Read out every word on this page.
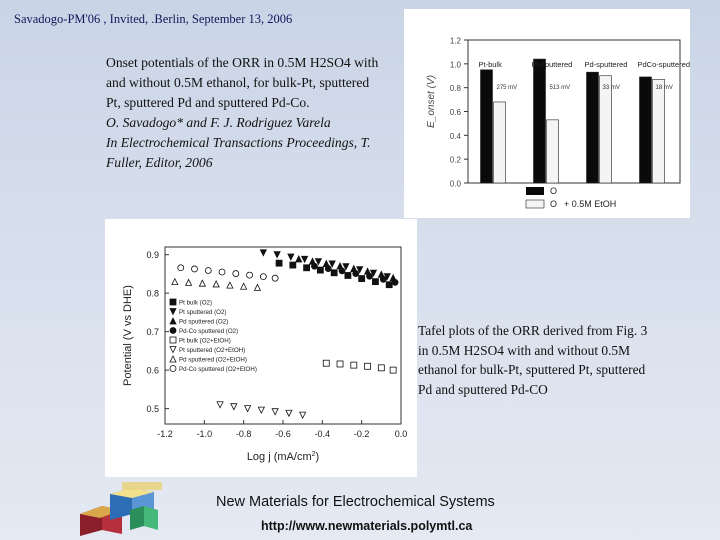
Savadogo-PM'06 , Invited, .Berlin, September 13, 2006
Onset potentials of the ORR in 0.5M H2SO4 with
and without 0.5M ethanol, for bulk-Pt, sputtered
Pt, sputtered Pd and sputtered Pd-Co.
O. Savadogo* and F. J. Rodriguez Varela
In Electrochemical Transactions Proceedings, T.
Fuller, Editor, 2006
0.0
0.2
0.4
0.6
0.8
1.0
1.2
E_onset (V)
Pt-bulk
275 mV
Pt-sputtered
513 mV
Pd-sputtered
33 mV
PdCo-sputtered
18 mV
O
O + 0.5M EtOH
-1.2	-1.0	-0.8	-0.6	-0.4	-0.2	0.0
0.9
0.8
0.7
0.6
0.5
Log j $(mA/cm^2)$
Potential (V vs DHE)	Pt bulk (O2)
Pt sputtered (O2)
Pd sputtered (O2)
Pd-Co sputtered (O2)
Pt bulk (O2+EtOH)
Pt sputtered (O2+EtOH)
Pd sputtered (O2+EtOH)
Pd-Co sputtered (O2+EtOH)
Tafel plots of the ORR derived from Fig. 3
in 0.5M H2SO4 with and without 0.5M
ethanol for bulk-Pt, sputtered Pt, sputtered
Pd and sputtered Pd-CO
New Materials for Electrochemical Systems
http://www.newmaterials.polymtl.ca
